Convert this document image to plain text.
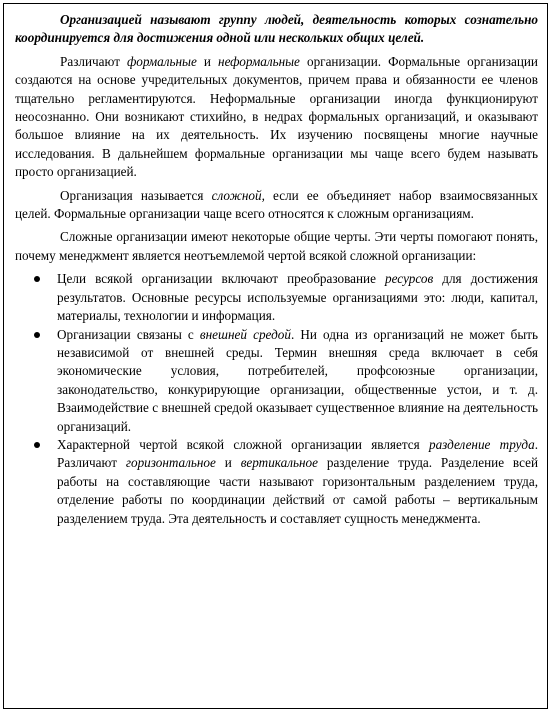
Организацией называют группу людей, деятельность которых сознательно координируется для достижения одной или нескольких общих целей.

Различают формальные и неформальные организации. Формальные организации создаются на основе учредительных документов, причем права и обязанности ее членов тщательно регламентируются. Неформальные организации иногда функционируют неосознанно. Они возникают стихийно, в недрах формальных организаций, и оказывают большое влияние на их деятельность. Их изучению посвящены многие научные исследования. В дальнейшем формальные организации мы чаще всего будем называть просто организацией.

Организация называется сложной, если ее объединяет набор взаимосвязанных целей. Формальные организации чаще всего относятся к сложным организациям.

Сложные организации имеют некоторые общие черты. Эти черты помогают понять, почему менеджмент является неотъемлемой чертой всякой сложной организации:

Цели всякой организации включают преобразование ресурсов для достижения результатов. Основные ресурсы используемые организациями это: люди, капитал, материалы, технологии и информация.
Организации связаны с внешней средой. Ни одна из организаций не может быть независимой от внешней среды. Термин внешняя среда включает в себя экономические условия, потребителей, профсоюзные организации, законодательство, конкурирующие организации, общественные устои, и т. д. Взаимодействие с внешней средой оказывает существенное влияние на деятельность организаций.
Характерной чертой всякой сложной организации является разделение труда. Различают горизонтальное и вертикальное разделение труда. Разделение всей работы на составляющие части называют горизонтальным разделением труда, отделение работы по координации действий от самой работы – вертикальным разделением труда. Эта деятельность и составляет сущность менеджмента.
